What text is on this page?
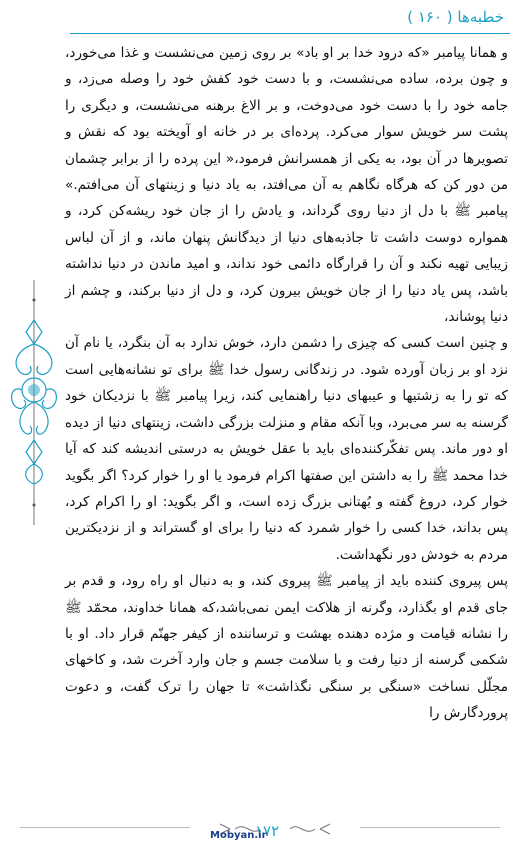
خطبه‌ها ( ۱۶۰ )

و همانا پیامبر «که درود خدا بر او باد» بر روی زمین می‌نشست و غذا می‌خورد، و چون برده، ساده می‌نشست، و با دست خود کفش خود را وصله می‌زد، و جامه خود را با دست خود می‌دوخت، و بر الاغ برهنه می‌نشست، و دیگری را پشت سر خویش سوار می‌کرد. پرده‌ای بر در خانه او آویخته بود که نقش و تصویرها در آن بود، به یکی از همسرانش فرمود،« این پرده را از برابر چشمان من دور کن که هرگاه نگاهم به آن می‌افتد، به یاد دنیا و زینتهای آن می‌افتم.» پیامبر ﷺ با دل از دنیا روی گرداند، و یادش را از جان خود ریشه‌کن کرد، و همواره دوست داشت تا جاذبه‌های دنیا از دیدگانش پنهان ماند، و از آن لباس زیبایی تهیه نکند و آن را قرارگاه دائمی خود نداند، و امید ماندن در دنیا نداشته باشد، پس یاد دنیا را از جان خویش بیرون کرد، و دل از دنیا برکند، و چشم از دنیا پوشاند،

و چنین است کسی که چیزی را دشمن دارد، خوش ندارد به آن بنگرد، یا نام آن نزد او بر زبان آورده شود. در زندگانی رسول خدا ﷺ برای تو نشانه‌هایی است که تو را به زشتیها و عیبهای دنیا راهنمایی کند، زیرا پیامبر ﷺ با نزدیکان خود گرسنه به سر می‌برد، وبا آنکه مقام و منزلت بزرگی داشت، زینتهای دنیا از دیده او دور ماند. پس تفکّرکننده‌ای باید با عقل خویش به درستی اندیشه کند که آیا خدا محمد ﷺ را به داشتن این صفتها اکرام فرمود یا او را خوار کرد؟ اگر بگوید خوار کرد، دروغ گفته و بُهتانی بزرگ زده است، و اگر بگوید: او را اکرام کرد، پس بداند، خدا کسی را خوار شمرد که دنیا را برای او گستراند و از نزدیکترین مردم به خودش دور نگهداشت.

پس پیروی کننده باید از پیامبر ﷺ پیروی کند، و به دنبال او راه رود، و قدم بر جای قدم او بگذارد، وگرنه از هلاکت ایمن نمی‌باشد،که همانا خداوند، محمّد ﷺ را نشانه قیامت و مژده دهنده بهشت و ترساننده از کیفر جهنّم قرار داد. او با شکمی گرسنه از دنیا رفت و با سلامت جسم و جان وارد آخرت شد، و کاخهای مجلّل نساخت «سنگی بر سنگی نگذاشت» تا جهان را ترک گفت، و دعوت پروردگارش را

۱۷۲
Mobyan.ir
